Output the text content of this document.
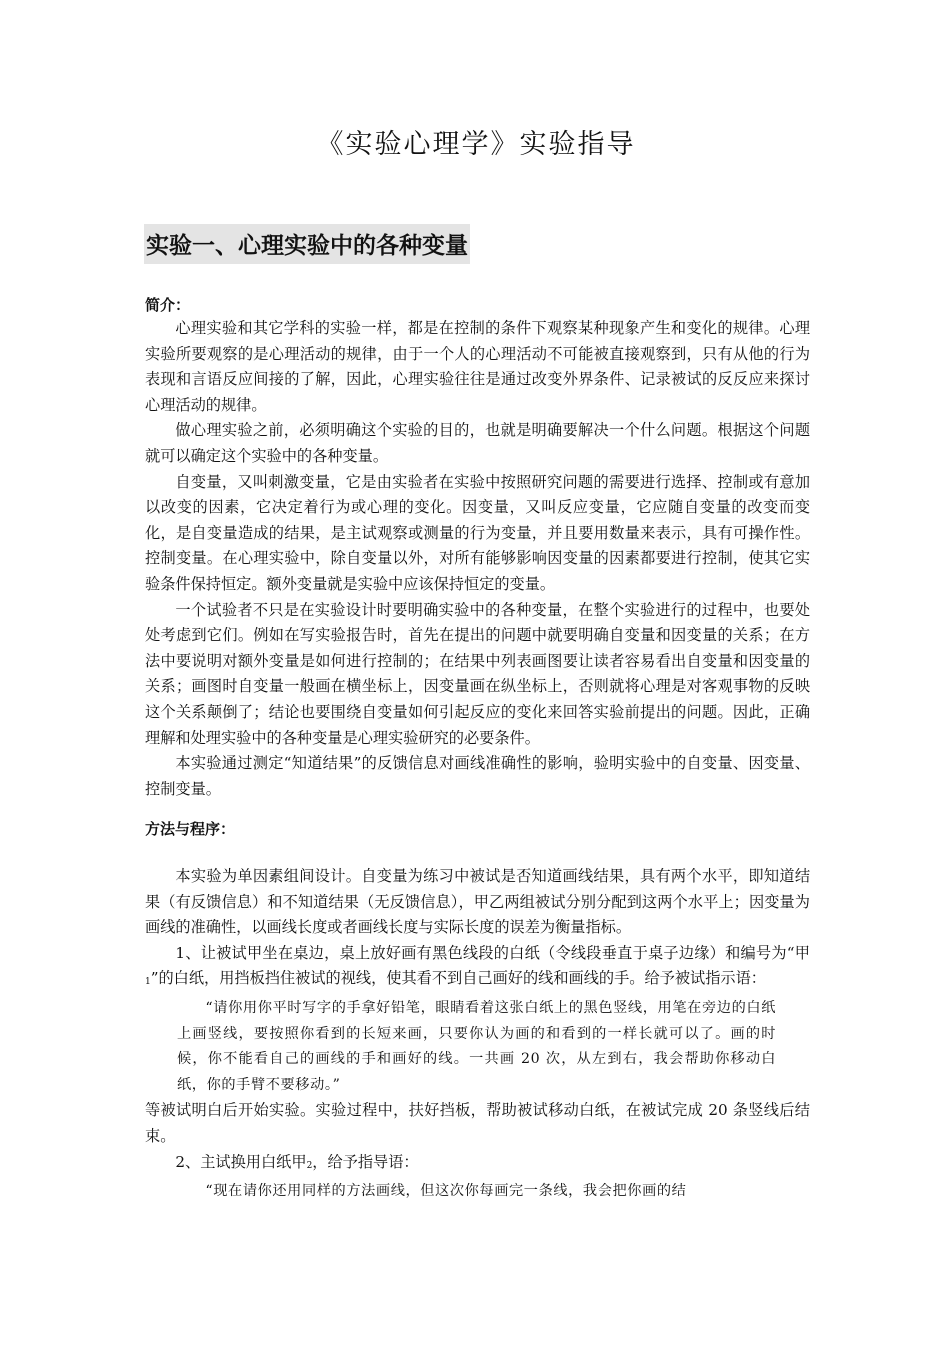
《实验心理学》实验指导
实验一、心理实验中的各种变量
简介：

心理实验和其它学科的实验一样，都是在控制的条件下观察某种现象产生和变化的规律。心理实验所要观察的是心理活动的规律，由于一个人的心理活动不可能被直接观察到，只有从他的行为表现和言语反应间接的了解，因此，心理实验往往是通过改变外界条件、记录被试的反反应来探讨心理活动的规律。

做心理实验之前，必须明确这个实验的目的，也就是明确要解决一个什么问题。根据这个问题就可以确定这个实验中的各种变量。

自变量，又叫刺激变量，它是由实验者在实验中按照研究问题的需要进行选择、控制或有意加以改变的因素，它决定着行为或心理的变化。因变量，又叫反应变量，它应随自变量的改变而变化，是自变量造成的结果，是主试观察或测量的行为变量，并且要用数量来表示，具有可操作性。控制变量。在心理实验中，除自变量以外，对所有能够影响因变量的因素都要进行控制，使其它实验条件保持恒定。额外变量就是实验中应该保持恒定的变量。

一个试验者不只是在实验设计时要明确实验中的各种变量，在整个实验进行的过程中，也要处处考虑到它们。例如在写实验报告时，首先在提出的问题中就要明确自变量和因变量的关系；在方法中要说明对额外变量是如何进行控制的；在结果中列表画图要让读者容易看出自变量和因变量的关系；画图时自变量一般画在横坐标上，因变量画在纵坐标上，否则就将心理是对客观事物的反映这个关系颠倒了；结论也要围绕自变量如何引起反应的变化来回答实验前提出的问题。因此，正确理解和处理实验中的各种变量是心理实验研究的必要条件。

本实验通过测定“知道结果”的反馈信息对画线准确性的影响，验明实验中的自变量、因变量、控制变量。

方法与程序：

本实验为单因素组间设计。自变量为练习中被试是否知道画线结果，具有两个水平，即知道结果（有反馈信息）和不知道结果（无反馈信息），甲乙两组被试分别分配到这两个水平上；因变量为画线的准确性，以画线长度或者画线长度与实际长度的误差为衡量指标。

1、让被试甲坐在桌边，桌上放好画有黑色线段的白纸（令线段垂直于桌子边缘）和编号为“甲$_1$”的白纸，用挡板挡住被试的视线，使其看不到自己画好的线和画线的手。给予被试指示语：

“请你用你平时写字的手拿好铅笔，眼睛看着这张白纸上的黑色竖线，用笔在旁边的白纸上画竖线，要按照你看到的长短来画，只要你认为画的和看到的一样长就可以了。画的时候，你不能看自己的画线的手和画好的线。一共画 20 次，从左到右，我会帮助你移动白纸，你的手臂不要移动。”

等被试明白后开始实验。实验过程中，扶好挡板，帮助被试移动白纸，在被试完成 20 条竖线后结束。

2、主试换用白纸甲$_2$，给予指导语：

“现在请你还用同样的方法画线，但这次你每画完一条线，我会把你画的结
